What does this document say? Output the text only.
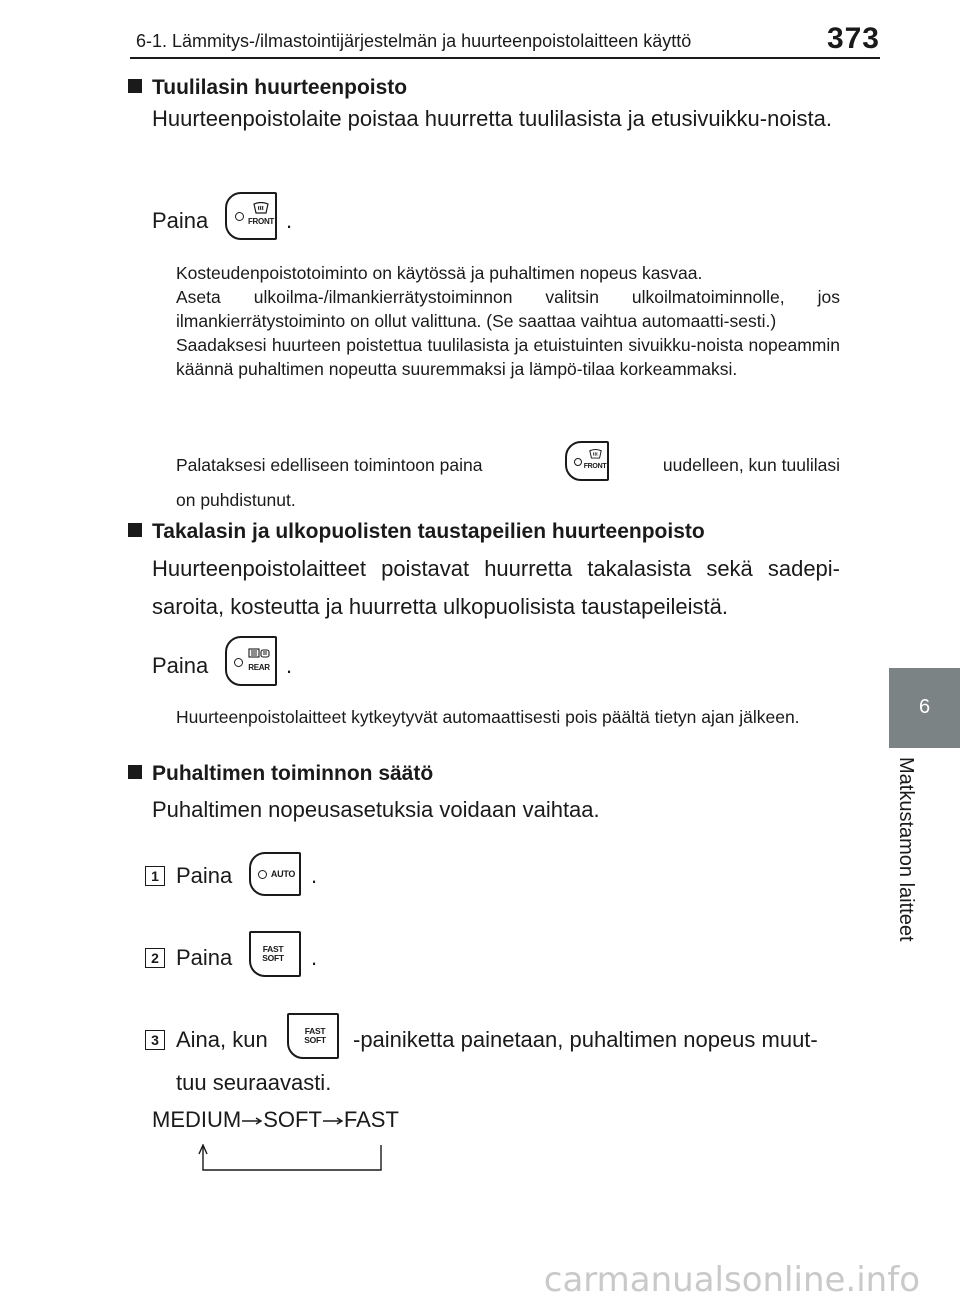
6-1. Lämmitys-/ilmastointijärjestelmän ja huurteenpoistolaitteen käyttö	373
6
Matkustamon laitteet
Tuulilasin huurteenpoisto
Huurteenpoistolaite poistaa huurretta tuulilasista ja etusivuikku-noista.
Paina	FRONT .

Kosteudenpoistotoiminto on käytössä ja puhaltimen nopeus kasvaa.

Aseta ulkoilma-/ilmankierrätystoiminnon valitsin ulkoilmatoiminnolle, jos ilmankierrätystoiminto on ollut valittuna. (Se saattaa vaihtua automaatti-sesti.)

Saadaksesi huurteen poistettua tuulilasista ja etuistuinten sivuikku-noista nopeammin käännä puhaltimen nopeutta suuremmaksi ja lämpö-tilaa korkeammaksi.

Palataksesi edelliseen toimintoon paina	FRONT	uudelleen, kun tuulilasi
on puhdistunut.
Takalasin ja ulkopuolisten taustapeilien huurteenpoisto
Huurteenpoistolaitteet poistavat huurretta takalasista sekä sadepi-saroita, kosteutta ja huurretta ulkopuolisista taustapeileistä.
Paina	REAR .
Huurteenpoistolaitteet kytkeytyvät automaattisesti pois päältä tietyn ajan jälkeen.
Puhaltimen toiminnon säätö
Puhaltimen nopeusasetuksia voidaan vaihtaa.
1 Paina	AUTO .
2 Paina	FAST
SOFT .
3 Aina, kun	FAST
SOFT -painiketta painetaan, puhaltimen nopeus muut-
tuu seuraavasti.
MEDIUM SOFT FAST
carmanualsonline.info
